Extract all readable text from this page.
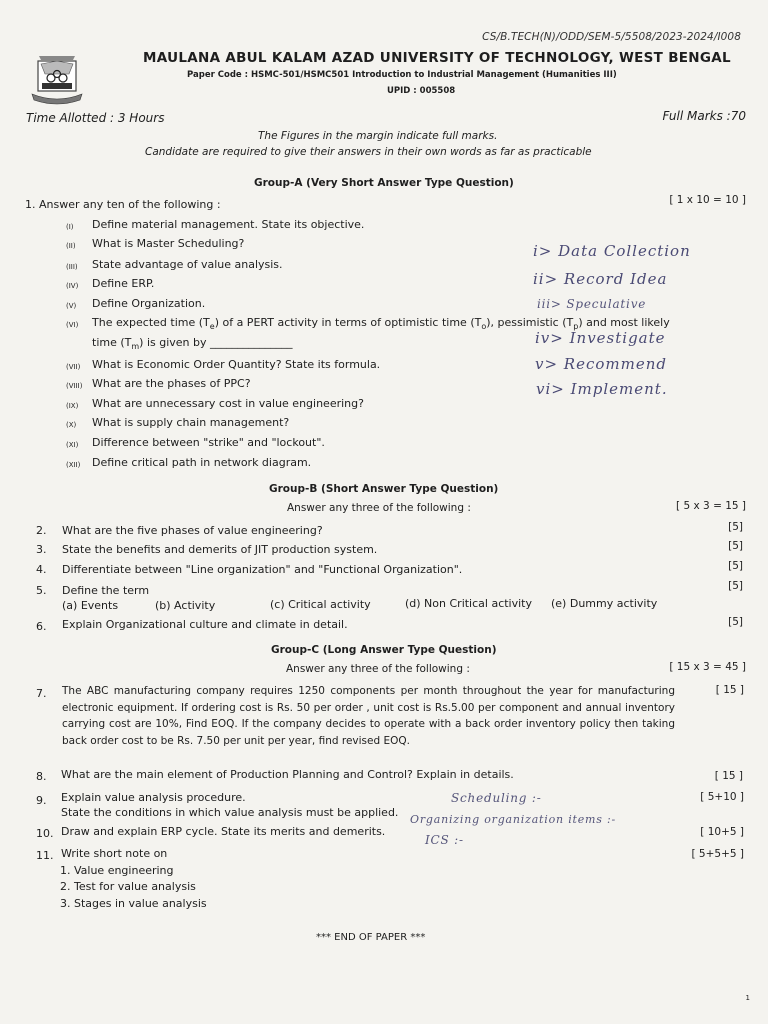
CS/B.TECH(N)/ODD/SEM-5/5508/2023-2024/I008
MAULANA ABUL KALAM AZAD UNIVERSITY OF TECHNOLOGY, WEST BENGAL
Paper Code : HSMC-501/HSMC501 Introduction to Industrial Management (Humanities III)
UPID : 005508
Time Allotted : 3 Hours	Full Marks :70
The Figures in the margin indicate full marks.
Candidate are required to give their answers in their own words as far as practicable
Group-A (Very Short Answer Type Question)
1. Answer any ten of the following :	[ 1 x 10 = 10 ]
$^{(I)}$ Define material management. State its objective.
$^{(II)}$ What is Master Scheduling?
$^{(III)}$ State advantage of value analysis.
$^{(IV)}$ Define ERP.
$^{(V)}$ Define Organization.
$^{(VI)}$ The expected time $(T_e)$ of a PERT activity in terms of optimistic time $(T_o)$, pessimistic $(T_p)$ and most likely
time $(T_m)$ is given by _______________
$^{(VII)}$ What is Economic Order Quantity? State its formula.
$^{(VIII)}$ What are the phases of PPC?
$^{(IX)}$ What are unnecessary cost in value engineering?
$^{(X)}$ What is supply chain management?
$^{(XI)}$ Difference between "strike" and "lockout".
$^{(XII)}$ Define critical path in network diagram.
i> Data Collection
ii> Record Idea
iii> Speculative
iv> Investigate
v> Recommend
vi> Implement.
Group-B (Short Answer Type Question)
Answer any three of the following :	[ 5 x 3 = 15 ]
2. What are the five phases of value engineering?	[5]
3. State the benefits and demerits of JIT production system.	[5]
4. Differentiate between "Line organization" and "Functional Organization".	[5]
5. Define the term	[5]
(a) Events	(b) Activity	(c) Critical activity	(d) Non Critical activity (e) Dummy activity
6. Explain Organizational culture and climate in detail.	[5]
Group-C (Long Answer Type Question)
Answer any three of the following :	[ 15 x 3 = 45 ]
7. The ABC manufacturing company requires 1250 components per month throughout the year for manufacturing electronic equipment. If ordering cost is Rs. 50 per order , unit cost is Rs.5.00 per component and annual inventory carrying cost are 10%, Find EOQ. If the company decides to operate with a back order inventory policy then taking back order cost to be Rs. 7.50 per unit per year, find revised EOQ.
[ 15 ]
8. What are the main element of Production Planning and Control? Explain in details.	[ 15 ]
9. Explain value analysis procedure.
State the conditions in which value analysis must be applied.
[ 5+10 ]
Scheduling :-
Organizing organization items :-
ICS :-
10. Draw and explain ERP cycle. State its merits and demerits.	[ 10+5 ]
11. Write short note on	[ 5+5+5 ]
1. Value engineering
2. Test for value analysis
3. Stages in value analysis
*** END OF PAPER ***
1
